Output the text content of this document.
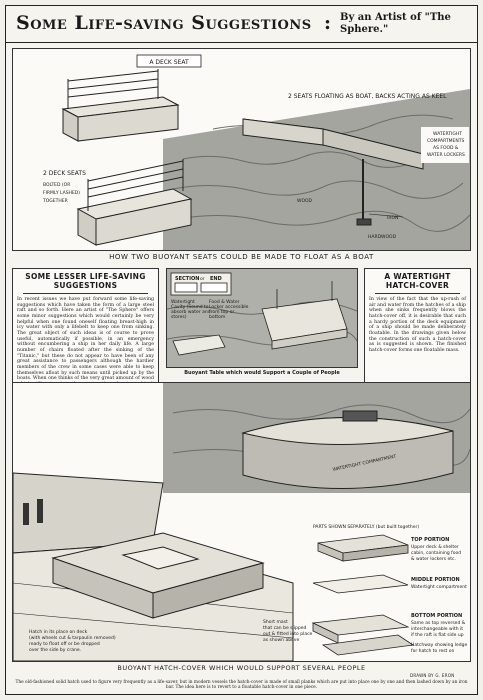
Some Life-saving Suggestions : By an Artist of "The Sphere."
A DECK SEAT
2 SEATS FLOATING AS BOAT, BACKS ACTING AS KEEL
2 DECK SEATS
BOLTED (OR
FIRMLY LASHED)
TOGETHER
WATERTIGHT
COMPARTMENTS
AS FOOD &
WATER LOCKERS
WOOD
IRON
HARDWOOD
HOW TWO BUOYANT SEATS COULD BE MADE TO FLOAT AS A BOAT
SOME LESSER LIFE-SAVING SUGGESTIONS
In recent issues we have put forward some life-saving suggestions which have taken the form of a large steel raft and so forth. Here an artist of "The Sphere" offers some minor suggestions which would certainly be very helpful when one found oneself floating breast-high in icy water with only a lifebelt to keep one from sinking. The great object of such ideas is of course to prove useful, automatically if possible, in an emergency without encumbering a ship in her daily life. A large number of chairs floated after the sinking of the "Titanic," but these do not appear to have been of any great assistance to passengers although the hardier members of the crew in some cases were able to keep themselves afloat by such means until picked up by the boats. When one thinks of the very great amount of wood
SECTION or END
Watertight
Cavity (Sound to
absorb water and
stores)
Food & Water
Locker accessible
from top or
bottom
Buoyant Table which would Support a Couple of People
A WATERTIGHT HATCH-COVER
In view of the fact that the up-rush of air and water from the hatches of a ship when she sinks frequently blows the hatch-cover off, it is desirable that such a hardy portion of the deck equipment of a ship should be made deliberately floatable. In the drawings given below the construction of such a hatch-cover as is suggested is shown. The finished hatch-cover forms one floatable mass.
WATERTIGHT COMPARTMENT
PARTS SHOWN SEPARATELY (but built together)
TOP PORTION
Upper deck & shelter
cabin, containing food
& water lockers etc.
MIDDLE PORTION
Watertight compartment
BOTTOM PORTION
Same as top reversed &
interchangeable with it
if the raft is flat side up
Hatchway showing ledge
for hatch to rest on
Short mast
that can be slipped
out & fitted into place
as shown above
Hatch in its place on deck
(with wheels cut & tarpaulin removed)
ready to float off or be dropped
over the side by crane.
BUOYANT HATCH-COVER WHICH WOULD SUPPORT SEVERAL PEOPLE
DRAWN BY G. ERON
The old-fashioned solid hatch used to figure very frequently as a life-saver, but in modern vessels the hatch-cover is made of small planks which are put into place one by one and then lashed down by an iron bar. The idea here is to revert to a floatable hatch-cover in one piece.
